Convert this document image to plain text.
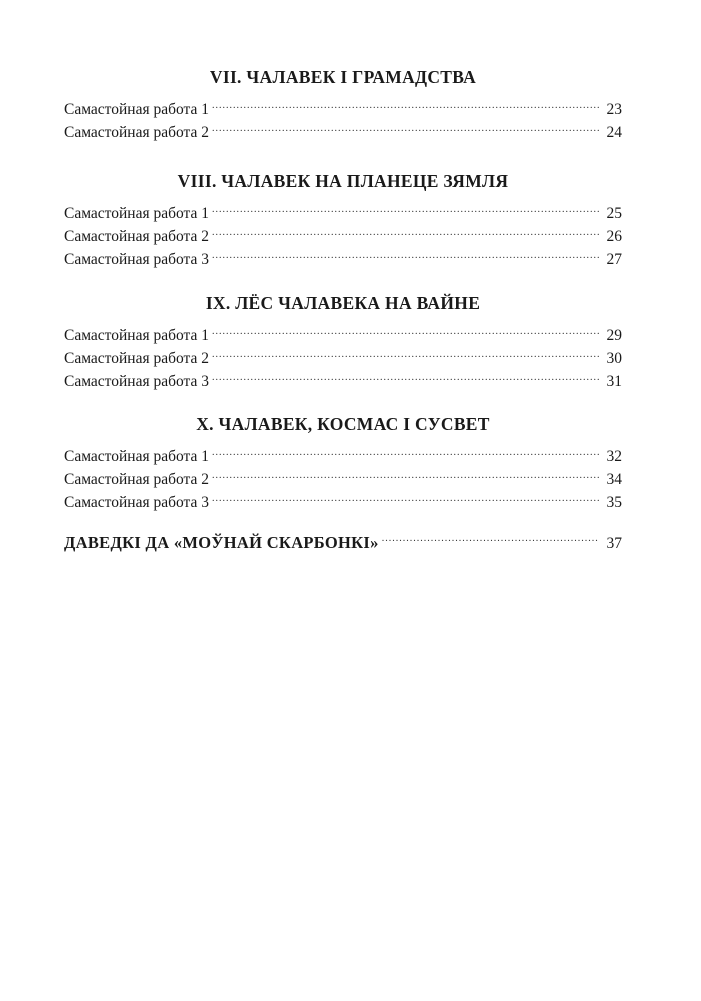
VII. ЧАЛАВЕК І ГРАМАДСТВА
Самастойная работа 1 .....	23
Самастойная работа 2 .....	24
VIII. ЧАЛАВЕК НА ПЛАНЕЦЕ ЗЯМЛЯ
Самастойная работа 1 .....	25
Самастойная работа 2 .....	26
Самастойная работа 3 .....	27
IX. ЛЁС ЧАЛАВЕКА НА ВАЙНЕ
Самастойная работа 1 .....	29
Самастойная работа 2 .....	30
Самастойная работа 3 .....	31
X. ЧАЛАВЕК, КОСМАС І СУСВЕТ
Самастойная работа 1 .....	32
Самастойная работа 2 .....	34
Самастойная работа 3 .....	35
ДАВЕДКІ ДА «МОЎНАЙ СКАРБОНКІ» .....	37
